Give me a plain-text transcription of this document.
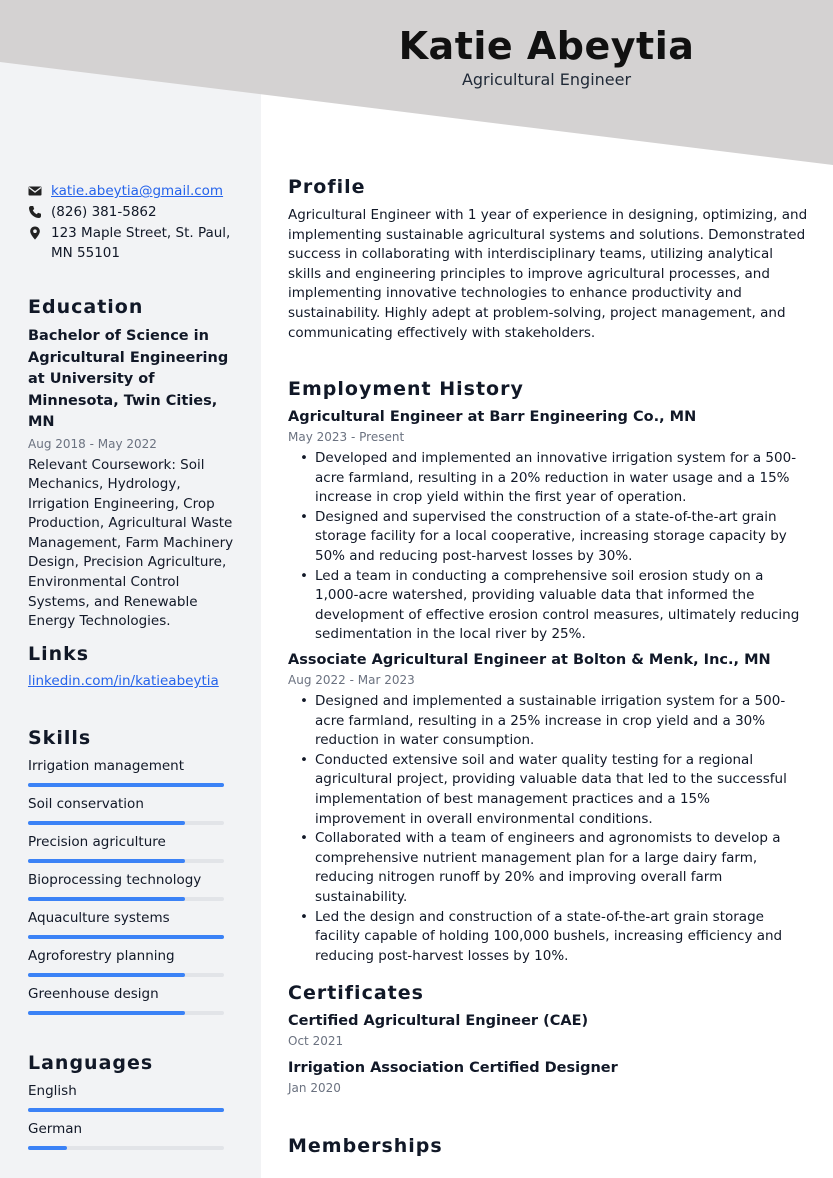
Katie Abeytia
Agricultural Engineer
katie.abeytia@gmail.com
(826) 381-5862
123 Maple Street, St. Paul, MN 55101
Education
Bachelor of Science in Agricultural Engineering at University of Minnesota, Twin Cities, MN
Aug 2018 - May 2022
Relevant Coursework: Soil Mechanics, Hydrology, Irrigation Engineering, Crop Production, Agricultural Waste Management, Farm Machinery Design, Precision Agriculture, Environmental Control Systems, and Renewable Energy Technologies.
Links
linkedin.com/in/katieabeytia
Skills
Irrigation management
Soil conservation
Precision agriculture
Bioprocessing technology
Aquaculture systems
Agroforestry planning
Greenhouse design
Languages
English
German
Profile
Agricultural Engineer with 1 year of experience in designing, optimizing, and implementing sustainable agricultural systems and solutions. Demonstrated success in collaborating with interdisciplinary teams, utilizing analytical skills and engineering principles to improve agricultural processes, and implementing innovative technologies to enhance productivity and sustainability. Highly adept at problem-solving, project management, and communicating effectively with stakeholders.
Employment History
Agricultural Engineer at Barr Engineering Co., MN
May 2023 - Present
• Developed and implemented an innovative irrigation system for a 500-acre farmland, resulting in a 20% reduction in water usage and a 15% increase in crop yield within the first year of operation.
• Designed and supervised the construction of a state-of-the-art grain storage facility for a local cooperative, increasing storage capacity by 50% and reducing post-harvest losses by 30%.
• Led a team in conducting a comprehensive soil erosion study on a 1,000-acre watershed, providing valuable data that informed the development of effective erosion control measures, ultimately reducing sedimentation in the local river by 25%.
Associate Agricultural Engineer at Bolton & Menk, Inc., MN
Aug 2022 - Mar 2023
• Designed and implemented a sustainable irrigation system for a 500-acre farmland, resulting in a 25% increase in crop yield and a 30% reduction in water consumption.
• Conducted extensive soil and water quality testing for a regional agricultural project, providing valuable data that led to the successful implementation of best management practices and a 15% improvement in overall environmental conditions.
• Collaborated with a team of engineers and agronomists to develop a comprehensive nutrient management plan for a large dairy farm, reducing nitrogen runoff by 20% and improving overall farm sustainability.
• Led the design and construction of a state-of-the-art grain storage facility capable of holding 100,000 bushels, increasing efficiency and reducing post-harvest losses by 10%.
Certificates
Certified Agricultural Engineer (CAE)
Oct 2021
Irrigation Association Certified Designer
Jan 2020
Memberships
